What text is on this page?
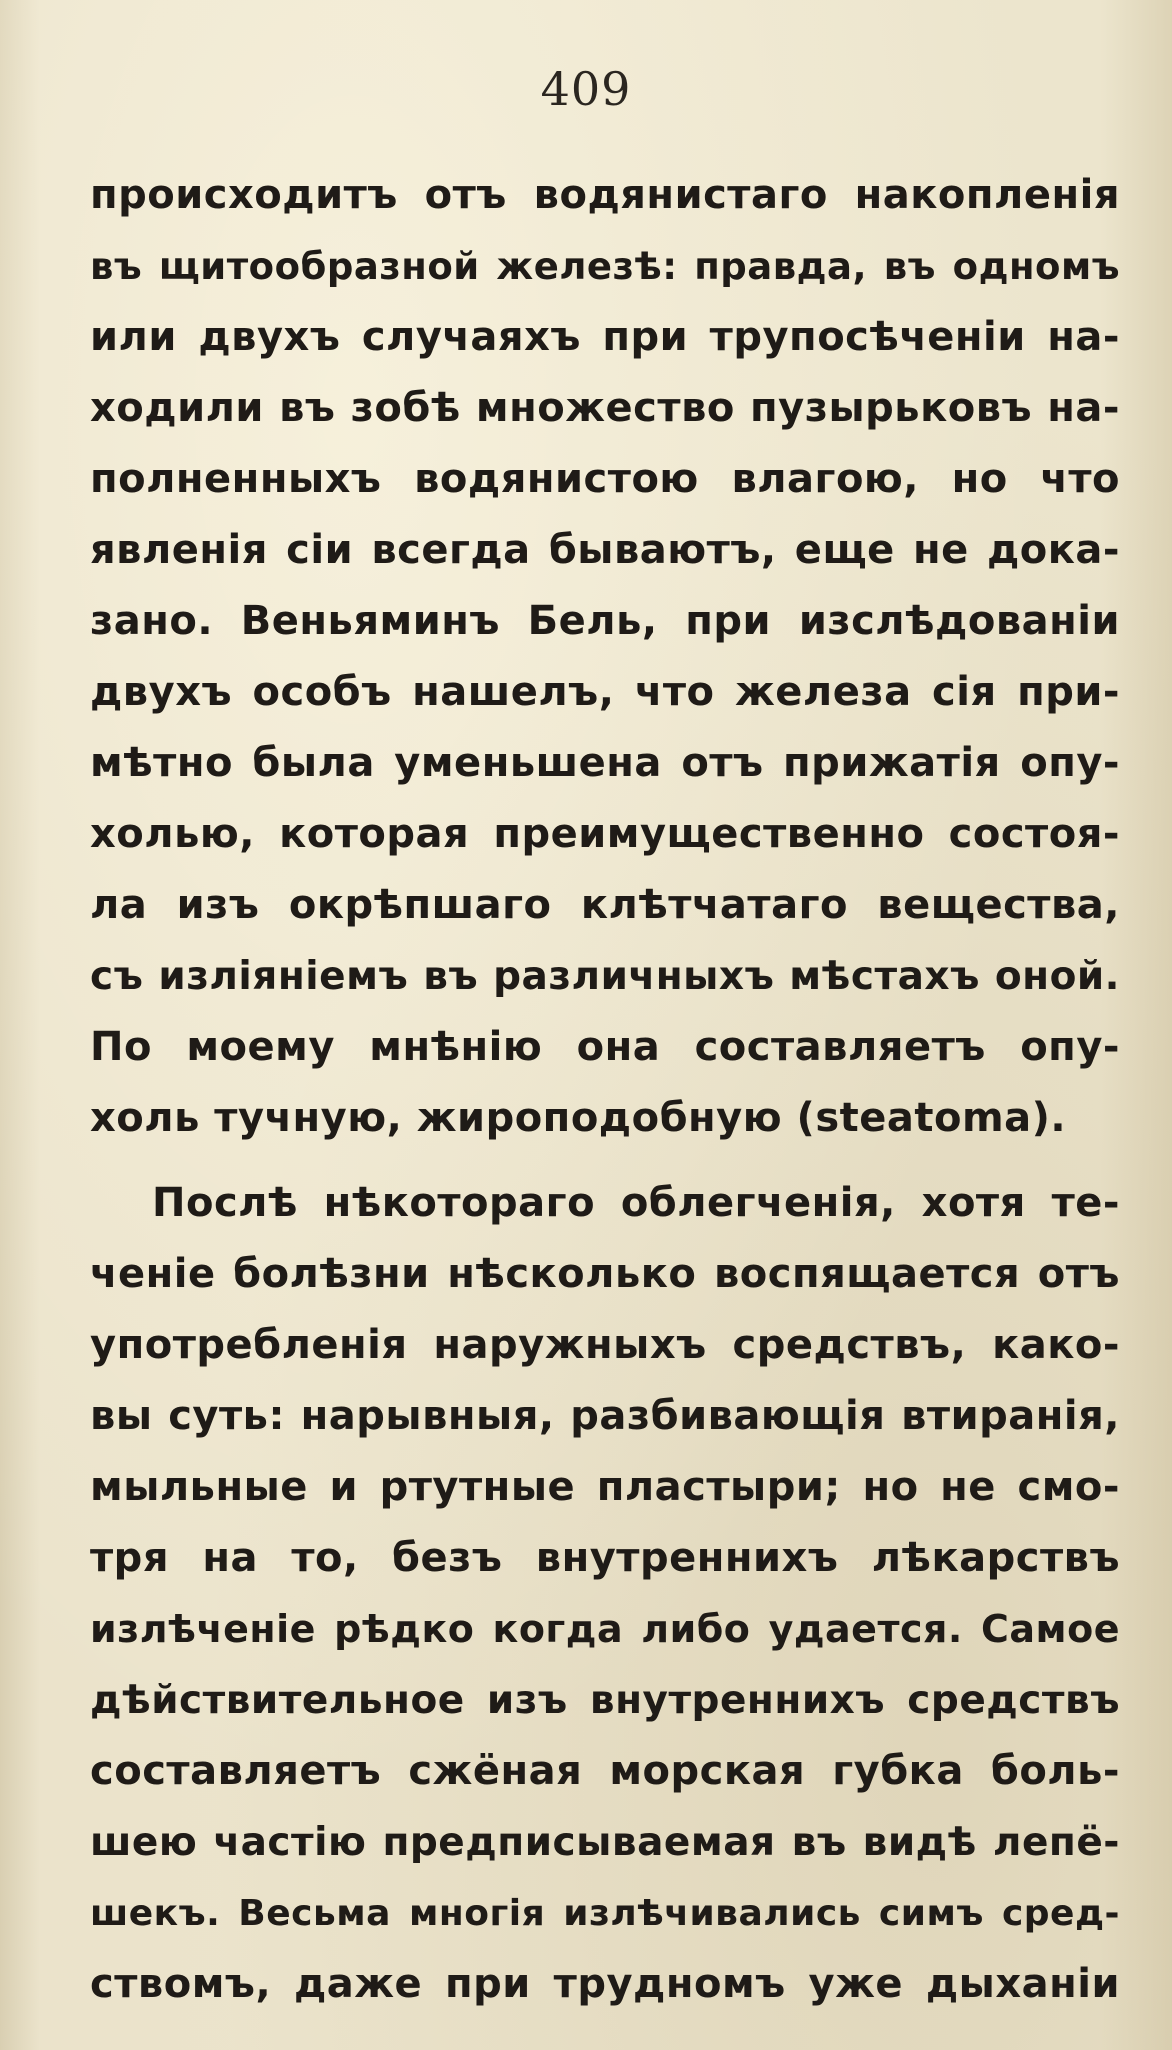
409
происходитъ отъ водянистаго накопленія
въ щитообразной железѣ: правда, въ одномъ
или двухъ случаяхъ при трупосѣченіи на-
ходили въ зобѣ множество пузырьковъ на-
полненныхъ водянистою влагою, но что
явленія сіи всегда бываютъ, еще не дока-
зано. Веньяминъ Бель, при изслѣдованіи
двухъ особъ нашелъ, что железа сія при-
мѣтно была уменьшена отъ прижатія опу-
холью, которая преимущественно состоя-
ла изъ окрѣпшаго клѣтчатаго вещества,
съ изліяніемъ въ различныхъ мѣстахъ оной.
По моему мнѣнію она составляетъ опу-
холь тучную, жироподобную (steatoma).
Послѣ нѣкотораго облегченія, хотя те-
ченіе болѣзни нѣсколько воспящается отъ
употребленія наружныхъ средствъ, како-
вы суть: нарывныя, разбивающія втиранія,
мыльные и ртутные пластыри; но не смо-
тря на то, безъ внутреннихъ лѣкарствъ
излѣченіе рѣдко когда либо удается. Самое
дѣйствительное изъ внутреннихъ средствъ
составляетъ сжёная морская губка боль-
шею частію предписываемая въ видѣ лепё-
шекъ. Весьма многія излѣчивались симъ сред-
ствомъ, даже при трудномъ уже дыханіи
